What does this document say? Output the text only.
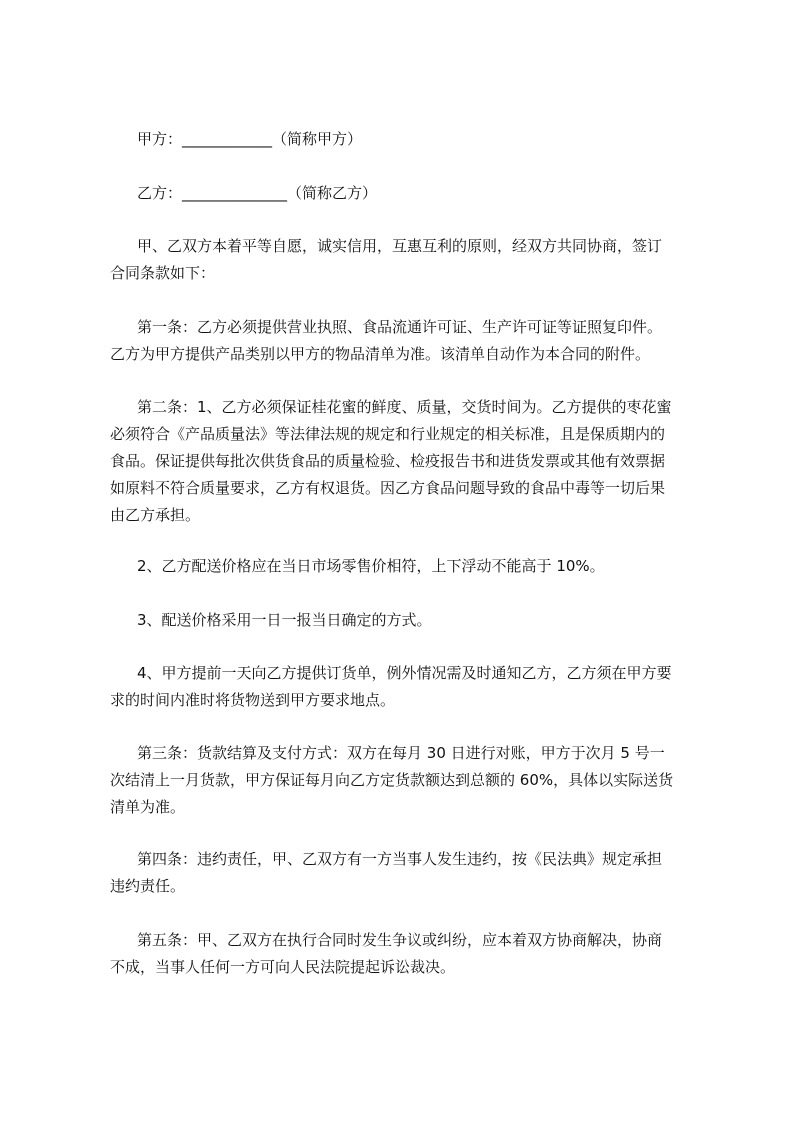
甲方：____________（简称甲方）

乙方：______________（简称乙方）

甲、乙双方本着平等自愿，诚实信用，互惠互利的原则，经双方共同协商，签订
合同条款如下：

第一条：乙方必须提供营业执照、食品流通许可证、生产许可证等证照复印件。
乙方为甲方提供产品类别以甲方的物品清单为准。该清单自动作为本合同的附件。

第二条：1、乙方必须保证桂花蜜的鲜度、质量，交货时间为。乙方提供的枣花蜜
必须符合《产品质量法》等法律法规的规定和行业规定的相关标准，且是保质期内的
食品。保证提供每批次供货食品的质量检验、检疫报告书和进货发票或其他有效票据
如原料不符合质量要求，乙方有权退货。因乙方食品问题导致的食品中毒等一切后果
由乙方承担。

2、乙方配送价格应在当日市场零售价相符，上下浮动不能高于 10%。

3、配送价格采用一日一报当日确定的方式。

4、甲方提前一天向乙方提供订货单，例外情况需及时通知乙方，乙方须在甲方要
求的时间内准时将货物送到甲方要求地点。

第三条：货款结算及支付方式：双方在每月 30 日进行对账，甲方于次月 5 号一
次结清上一月货款，甲方保证每月向乙方定货款额达到总额的 60%，具体以实际送货
清单为准。

第四条：违约责任，甲、乙双方有一方当事人发生违约，按《民法典》规定承担
违约责任。

第五条：甲、乙双方在执行合同时发生争议或纠纷，应本着双方协商解决，协商
不成，当事人任何一方可向人民法院提起诉讼裁决。
